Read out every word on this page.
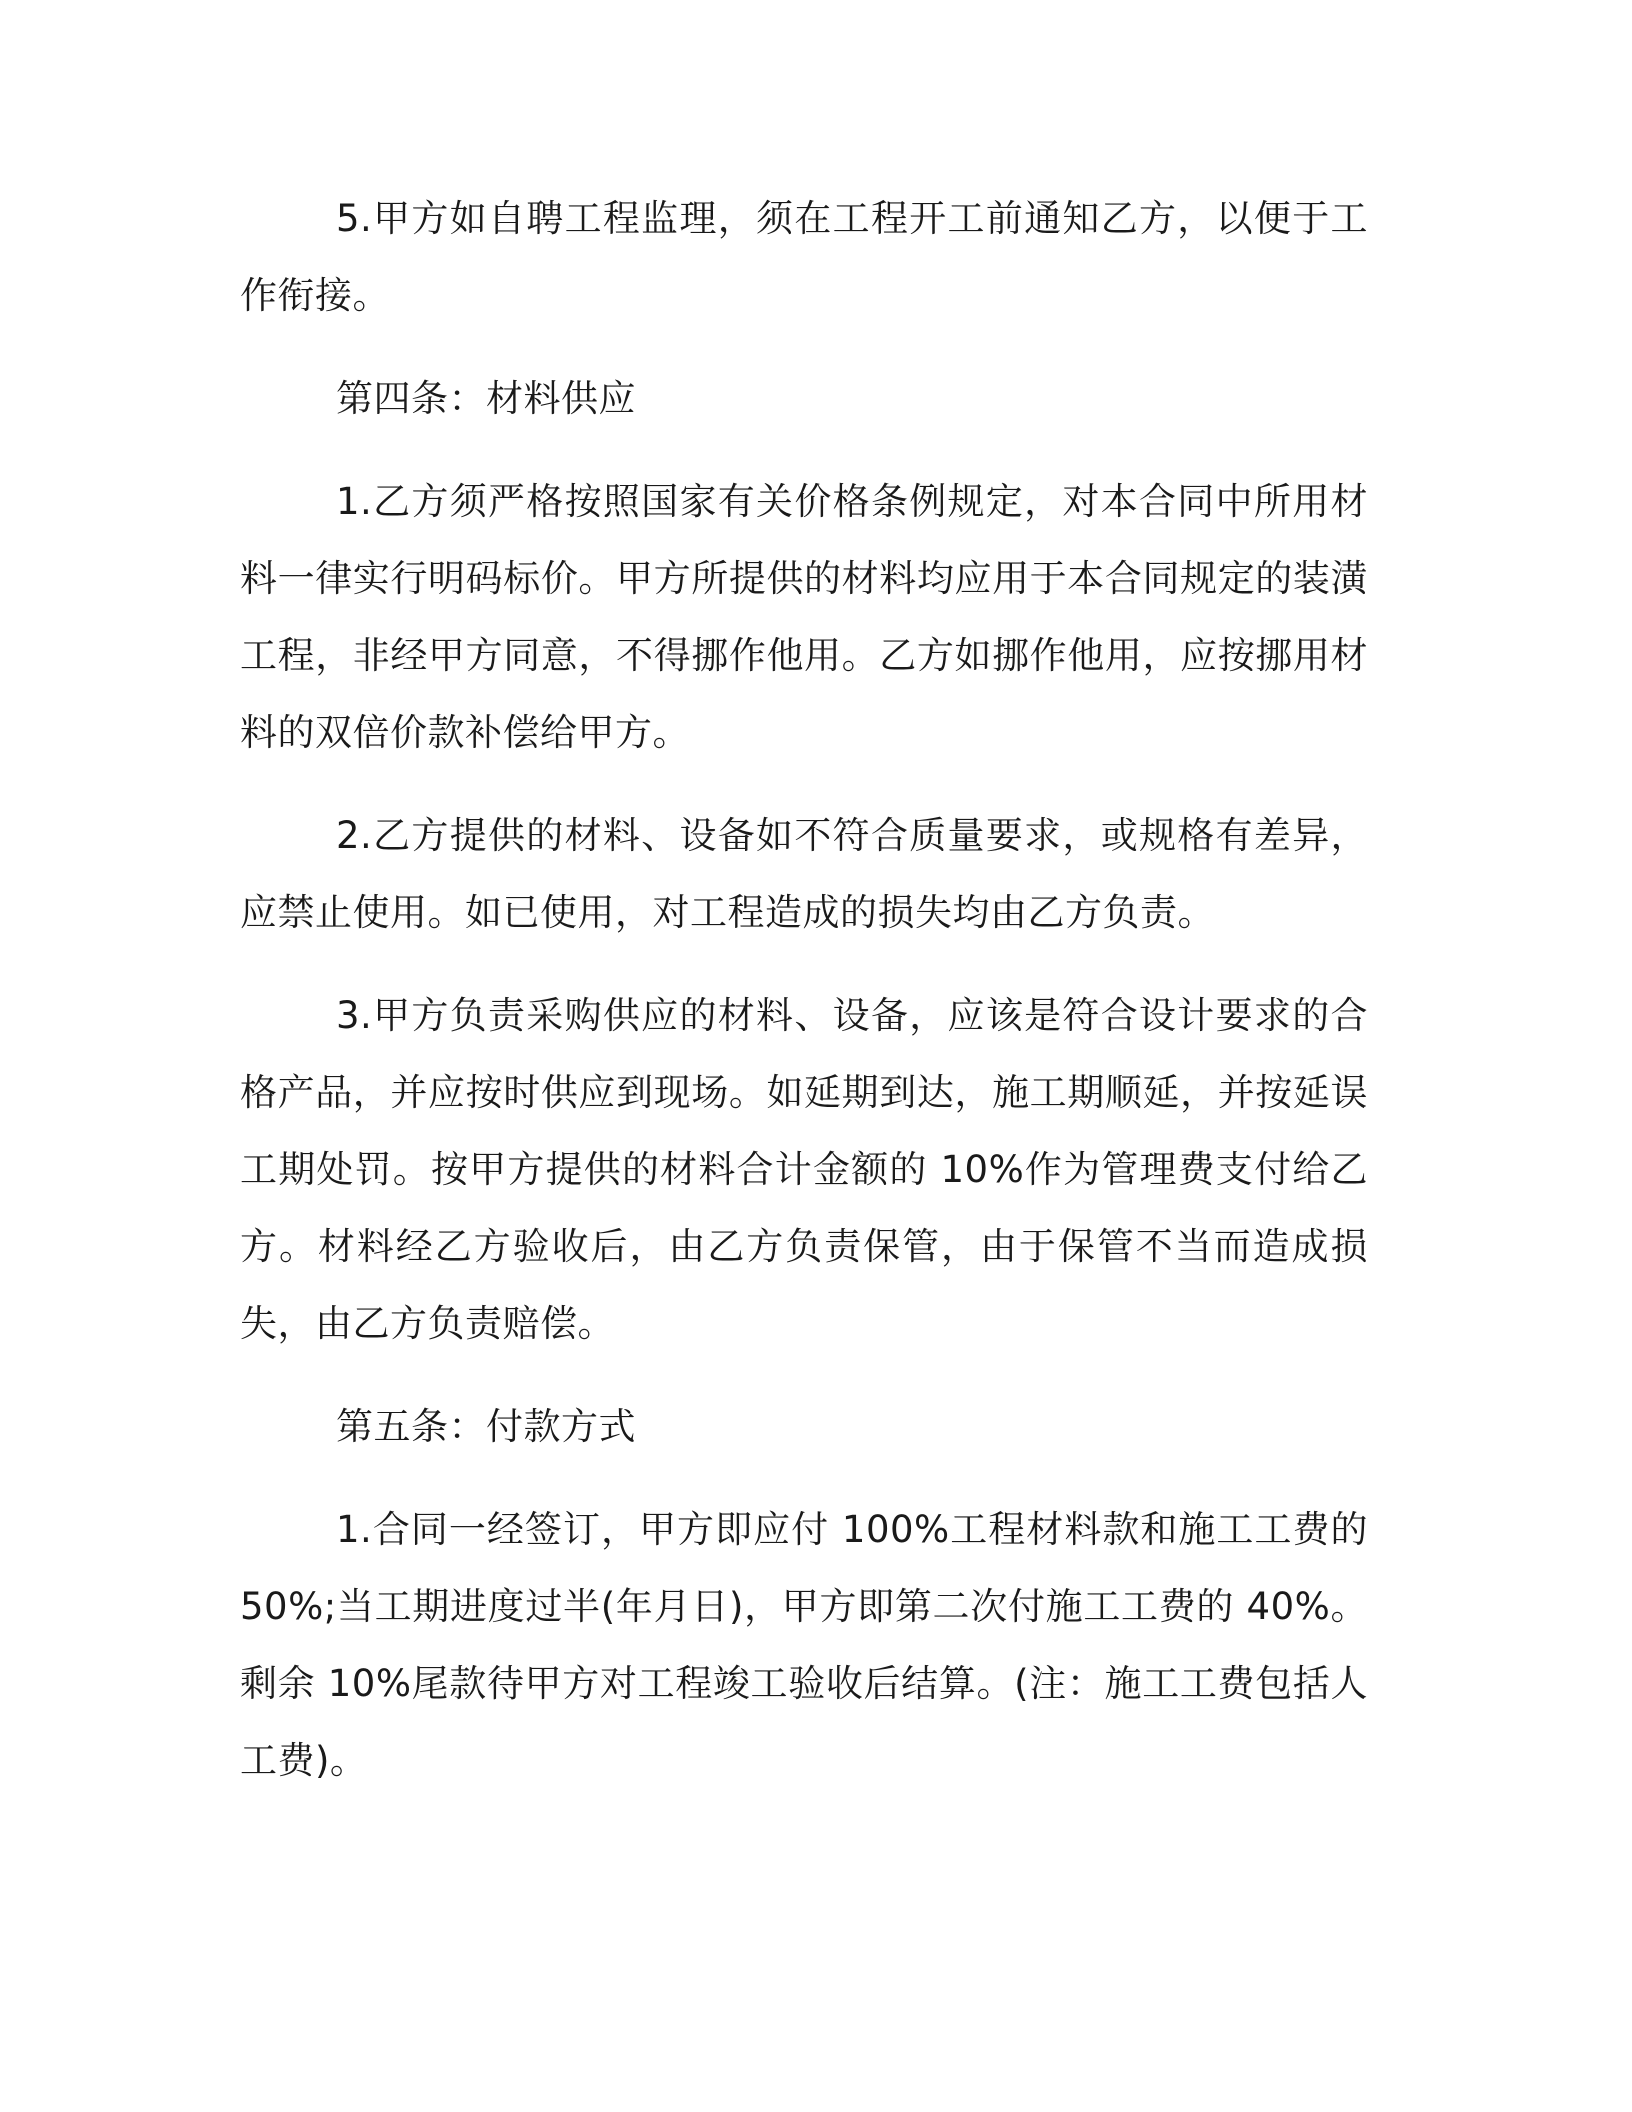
5.甲方如自聘工程监理，须在工程开工前通知乙方，以便于工作衔接。

第四条：材料供应

1.乙方须严格按照国家有关价格条例规定，对本合同中所用材料一律实行明码标价。甲方所提供的材料均应用于本合同规定的装潢工程，非经甲方同意，不得挪作他用。乙方如挪作他用，应按挪用材料的双倍价款补偿给甲方。

2.乙方提供的材料、设备如不符合质量要求，或规格有差异，应禁止使用。如已使用，对工程造成的损失均由乙方负责。

3.甲方负责采购供应的材料、设备，应该是符合设计要求的合格产品，并应按时供应到现场。如延期到达，施工期顺延，并按延误工期处罚。按甲方提供的材料合计金额的 10%作为管理费支付给乙方。材料经乙方验收后，由乙方负责保管，由于保管不当而造成损失，由乙方负责赔偿。

第五条：付款方式

1.合同一经签订，甲方即应付 100%工程材料款和施工工费的50%;当工期进度过半(年月日)，甲方即第二次付施工工费的 40%。剩余 10%尾款待甲方对工程竣工验收后结算。(注：施工工费包括人工费)。
